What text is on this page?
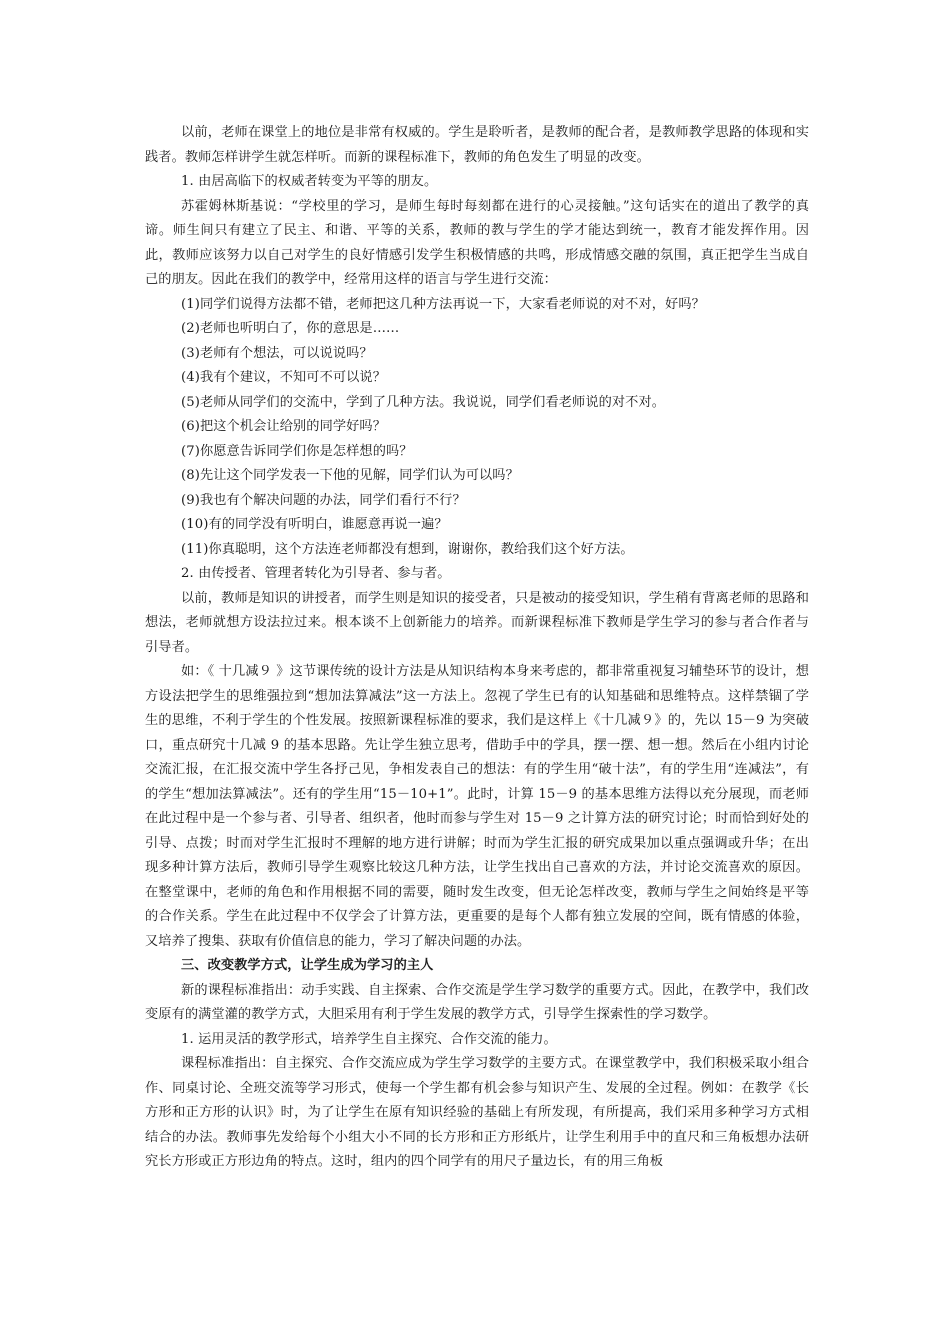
以前，老师在课堂上的地位是非常有权威的。学生是聆听者，是教师的配合者，是教师教学思路的体现和实践者。教师怎样讲学生就怎样听。而新的课程标准下，教师的角色发生了明显的改变。

1. 由居高临下的权威者转变为平等的朋友。

苏霍姆林斯基说：“学校里的学习，是师生每时每刻都在进行的心灵接触。”这句话实在的道出了教学的真谛。师生间只有建立了民主、和谐、平等的关系，教师的教与学生的学才能达到统一，教育才能发挥作用。因此，教师应该努力以自己对学生的良好情感引发学生积极情感的共鸣，形成情感交融的氛围，真正把学生当成自己的朋友。因此在我们的教学中，经常用这样的语言与学生进行交流：

(1)同学们说得方法都不错，老师把这几种方法再说一下，大家看老师说的对不对，好吗？

(2)老师也听明白了，你的意思是……

(3)老师有个想法，可以说说吗？

(4)我有个建议，不知可不可以说？

(5)老师从同学们的交流中，学到了几种方法。我说说，同学们看老师说的对不对。

(6)把这个机会让给别的同学好吗？

(7)你愿意告诉同学们你是怎样想的吗？

(8)先让这个同学发表一下他的见解，同学们认为可以吗？

(9)我也有个解决问题的办法，同学们看行不行？

(10)有的同学没有听明白，谁愿意再说一遍？

(11)你真聪明，这个方法连老师都没有想到，谢谢你，教给我们这个好方法。

2. 由传授者、管理者转化为引导者、参与者。

以前，教师是知识的讲授者，而学生则是知识的接受者，只是被动的接受知识，学生稍有背离老师的思路和想法，老师就想方设法拉过来。根本谈不上创新能力的培养。而新课程标准下教师是学生学习的参与者合作者与引导者。

如：《 十几减９ 》这节课传统的设计方法是从知识结构本身来考虑的，都非常重视复习辅垫环节的设计，想方设法把学生的思维强拉到“想加法算减法”这一方法上。忽视了学生已有的认知基础和思维特点。这样禁锢了学生的思维，不利于学生的个性发展。按照新课程标准的要求，我们是这样上《十几减９》的，先以 15－9 为突破口，重点研究十几减 9 的基本思路。先让学生独立思考，借助手中的学具，摆一摆、想一想。然后在小组内讨论交流汇报，在汇报交流中学生各抒己见，争相发表自己的想法：有的学生用“破十法”，有的学生用“连减法”，有的学生“想加法算减法”。还有的学生用“15－10+1”。此时，计算 15－9 的基本思维方法得以充分展现，而老师在此过程中是一个参与者、引导者、组织者，他时而参与学生对 15－9 之计算方法的研究讨论；时而恰到好处的引导、点拨；时而对学生汇报时不理解的地方进行讲解；时而为学生汇报的研究成果加以重点强调或升华；在出现多种计算方法后，教师引导学生观察比较这几种方法，让学生找出自己喜欢的方法，并讨论交流喜欢的原因。在整堂课中，老师的角色和作用根据不同的需要，随时发生改变，但无论怎样改变，教师与学生之间始终是平等的合作关系。学生在此过程中不仅学会了计算方法，更重要的是每个人都有独立发展的空间，既有情感的体验，又培养了搜集、获取有价值信息的能力，学习了解决问题的办法。

三、改变教学方式，让学生成为学习的主人

新的课程标准指出：动手实践、自主探索、合作交流是学生学习数学的重要方式。因此，在教学中，我们改变原有的满堂灌的教学方式，大胆采用有利于学生发展的教学方式，引导学生探索性的学习数学。

1. 运用灵活的教学形式，培养学生自主探究、合作交流的能力。

课程标准指出：自主探究、合作交流应成为学生学习数学的主要方式。在课堂教学中，我们积极采取小组合作、同桌讨论、全班交流等学习形式，使每一个学生都有机会参与知识产生、发展的全过程。例如：在教学《长方形和正方形的认识》时，为了让学生在原有知识经验的基础上有所发现，有所提高，我们采用多种学习方式相结合的办法。教师事先发给每个小组大小不同的长方形和正方形纸片，让学生利用手中的直尺和三角板想办法研究长方形或正方形边角的特点。这时，组内的四个同学有的用尺子量边长，有的用三角板
